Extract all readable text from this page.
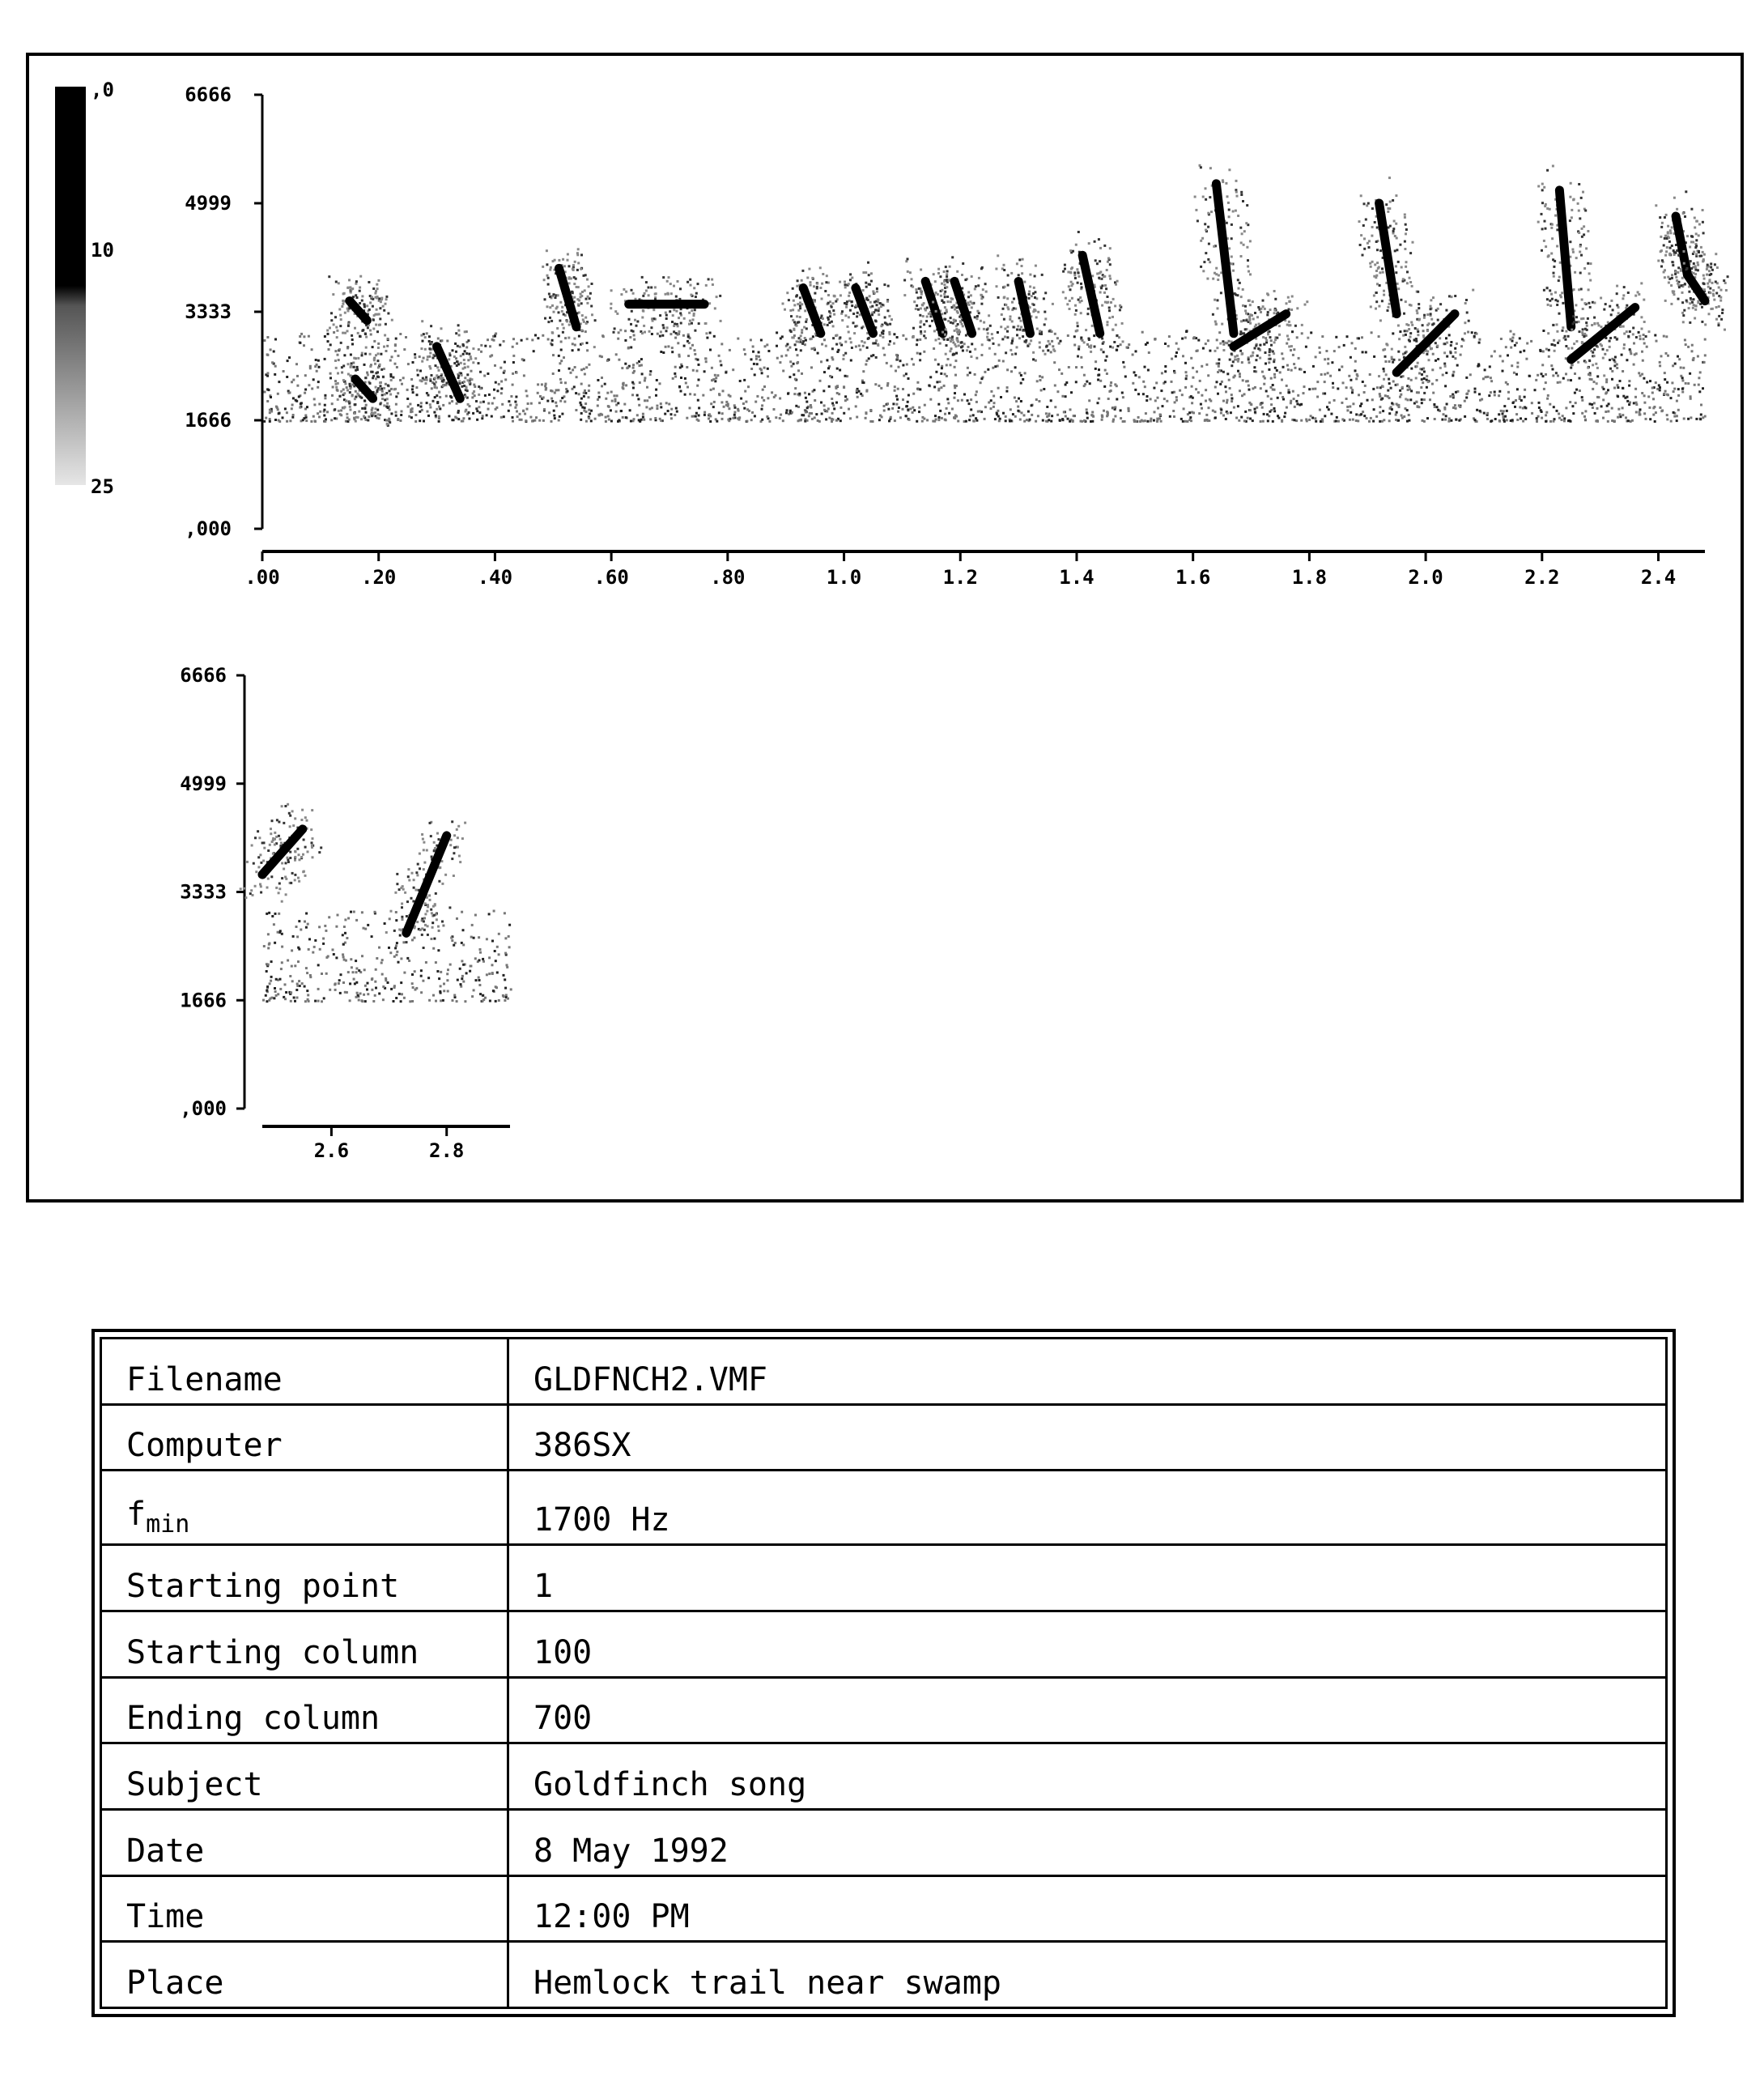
,0
10
25
,000
1666
3333
4999
6666
.00	.20	.40	.60	.80	1.0	1.2	1.4	1.6	1.8	2.0	2.2	2.4
,000
1666
3333
4999
6666
2.6	2.8
Filename	GLDFNCH2.VMF
Computer	386SX
$f_{min}$	1700 Hz
Starting point	1
Starting column	100
Ending column	700
Subject	Goldfinch song
Date	8 May 1992
Time	12:00 PM
Place	Hemlock trail near swamp
